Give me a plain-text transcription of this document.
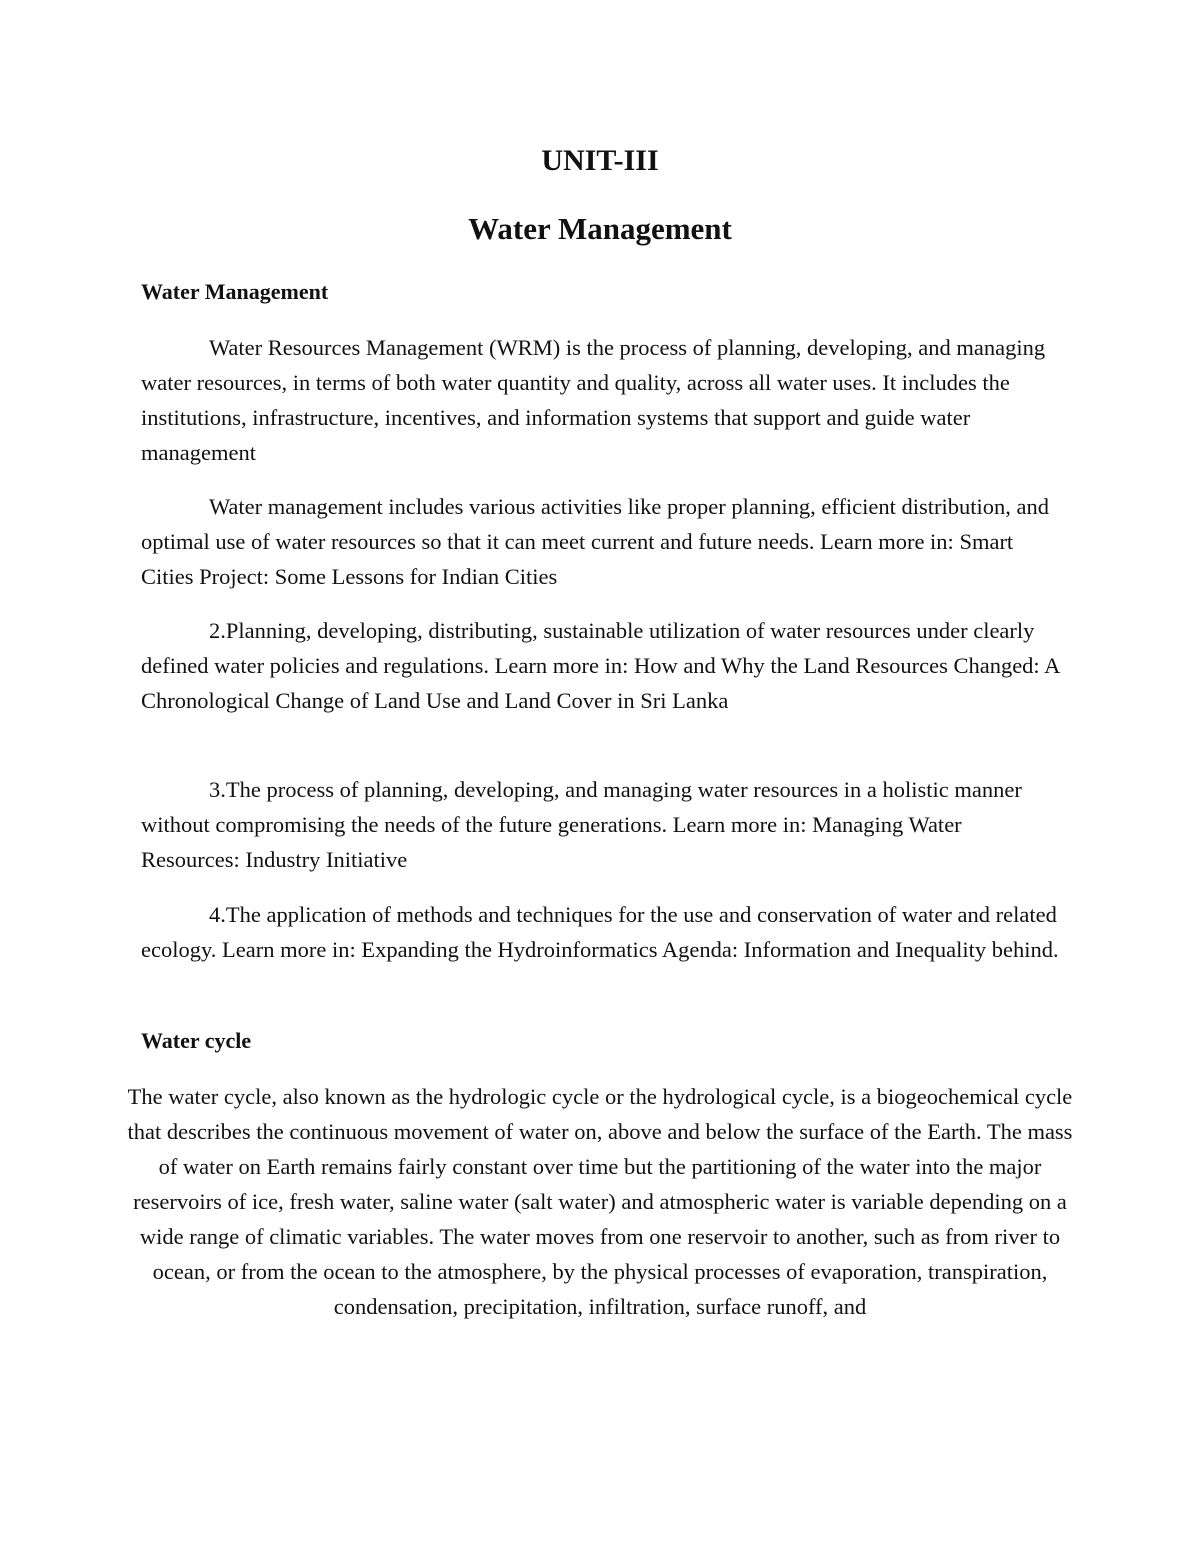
UNIT-III
Water Management
Water Management

Water Resources Management (WRM) is the process of planning, developing, and managing water resources, in terms of both water quantity and quality, across all water uses. It includes the institutions, infrastructure, incentives, and information systems that support and guide water management

Water management includes various activities like proper planning, efficient distribution, and optimal use of water resources so that it can meet current and future needs. Learn more in: Smart Cities Project: Some Lessons for Indian Cities

2.Planning, developing, distributing, sustainable utilization of water resources under clearly defined water policies and regulations. Learn more in: How and Why the Land Resources Changed: A Chronological Change of Land Use and Land Cover in Sri Lanka

3.The process of planning, developing, and managing water resources in a holistic manner without compromising the needs of the future generations. Learn more in: Managing Water Resources: Industry Initiative

4.The application of methods and techniques for the use and conservation of water and related ecology. Learn more in: Expanding the Hydroinformatics Agenda: Information and Inequality behind.

Water cycle

The water cycle, also known as the hydrologic cycle or the hydrological cycle, is a biogeochemical cycle that describes the continuous movement of water on, above and below the surface of the Earth. The mass of water on Earth remains fairly constant over time but the partitioning of the water into the major reservoirs of ice, fresh water, saline water (salt water) and atmospheric water is variable depending on a wide range of climatic variables. The water moves from one reservoir to another, such as from river to ocean, or from the ocean to the atmosphere, by the physical processes of evaporation, transpiration, condensation, precipitation, infiltration, surface runoff, and
